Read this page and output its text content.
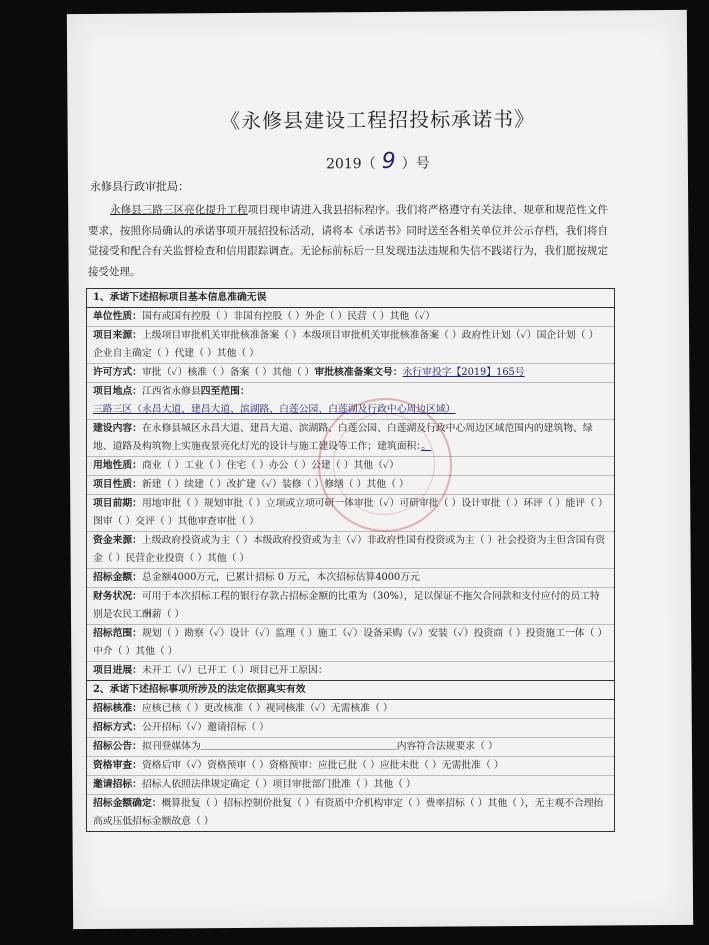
《永修县建设工程招投标承诺书》
2019（ 9 ）号
永修县行政审批局：
永修县三路三区亮化提升工程项目现申请进入我县招标程序。我们将严格遵守有关法律、规章和规范性文件要求，按照你局确认的承诺事项开展招投标活动，请将本《承诺书》同时送至各相关单位并公示存档，我们将自觉接受和配合有关监督检查和信用跟踪调查。无论标前标后一旦发现违法违规和失信不践诺行为，我们愿按规定接受处理。
1、承诺下述招标项目基本信息准确无误
单位性质：国有或国有控股（ ）非国有控股（ ）外企（ ）民营（ ）其他（✓）
项目来源：上级项目审批机关审批核准备案（ ）本级项目审批机关审批核准备案（ ）政府性计划（✓）国企计划（ ）企业自主确定（ ）代建（ ）其他（ ）
许可方式：审批（✓）核准（ ）备案（ ）其他（ ）审批核准备案文号：永行审投字【2019】165号
项目地点：江西省永修县四至范围：三路三区（永昌大道、建昌大道、滨湖路、白莲公园、白莲湖及行政中心周边区域）
建设内容：在永修县城区永昌大道、建昌大道、滨湖路、白莲公园、白莲湖及行政中心周边区域范围内的建筑物、绿地、道路及构筑物上实施夜景亮化灯光的设计与施工建设等工作；建筑面积：。
用地性质：商业（ ）工业（ ）住宅（ ）办公（ ）公建（ ）其他（✓）
项目性质：新建（ ）续建（ ）改扩建（✓）装修（ ）修缮（ ）其他（ ）
项目前期：用地审批（ ）规划审批（ ）立项或立项可研一体审批（✓）可研审批（ ）设计审批（ ）环评（ ）能评（ ）图审（ ）交评（ ）其他审查审批（ ）
资金来源：上级政府投资或为主（ ）本级政府投资或为主（✓）非政府性国有投资或为主（ ）社会投资为主但含国有资金（ ）民营企业投资（ ）其他（ ）
招标金额：总金额4000万元，已累计招标 0 万元，本次招标估算4000万元
财务状况：可用于本次招标工程的银行存款占招标金额的比重为（30%），足以保证不拖欠合同款和支付应付的员工特别是农民工酬薪（ ）
招标范围：规划（ ）勘察（✓）设计（✓）监理（ ）施工（✓）设备采购（✓）安装（✓）投资商（ ）投资施工一体（ ）中介（ ）其他（ ）
项目进展：未开工（✓）已开工（ ）项目已开工原因：
2、承诺下述招标事项所涉及的法定依据真实有效
招标核准：应核已核（ ）更改核准（ ）视同核准（✓）无需核准（ ）
招标方式：公开招标（✓）邀请招标（ ）
招标公告：拟刊登媒体为＿＿＿＿＿＿＿＿＿＿＿＿＿＿＿＿＿＿＿＿内容符合法规要求（ ）
资格审查：资格后审（✓）资格预审（ ）资格预审：应批已批（ ）应批未批（ ）无需批准（ ）
邀请招标：招标人依照法律规定确定（ ）项目审批部门批准（ ）其他（ ）
招标金额确定：概算批复（ ）招标控制价批复（ ）有资质中介机构审定（ ）费率招标（ ）其他（ ），无主观不合理抬高或压低招标金额故意（ ）
